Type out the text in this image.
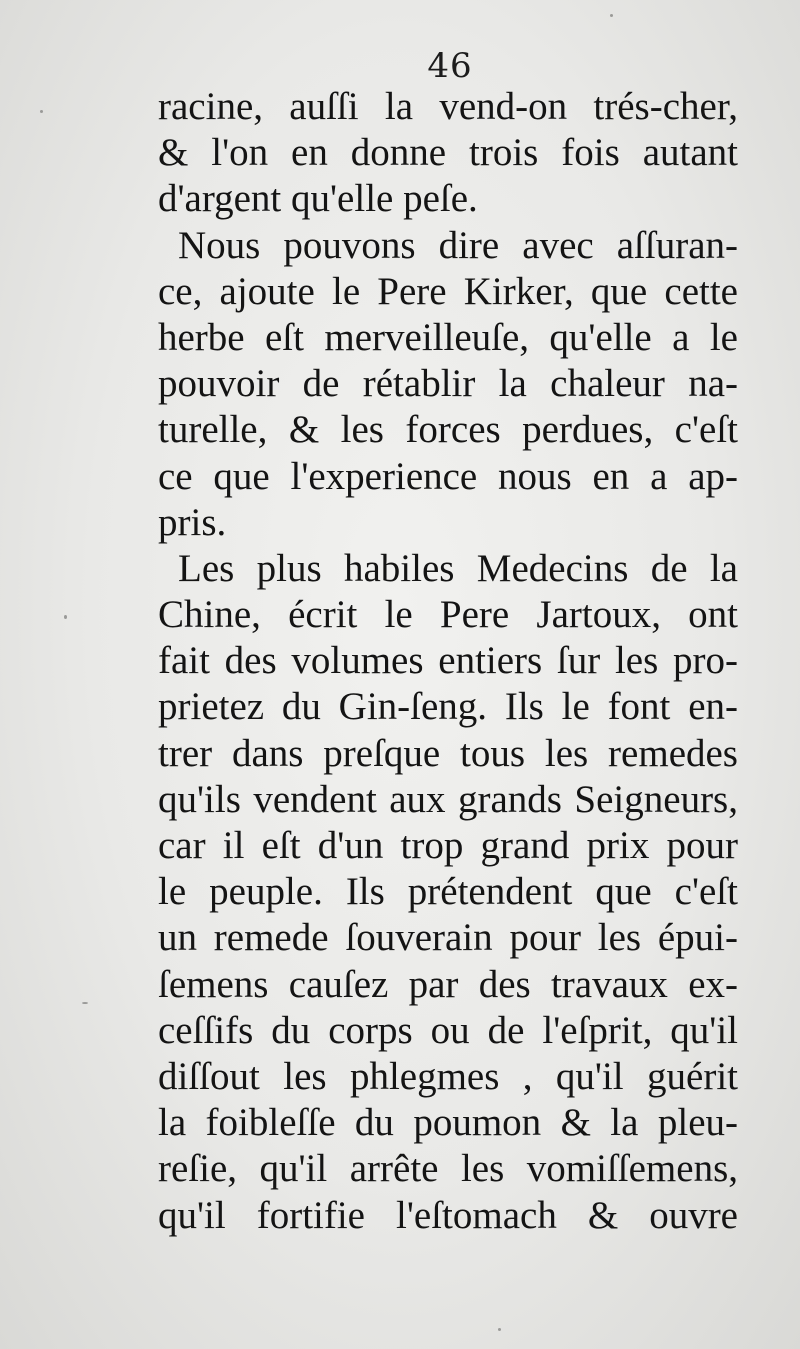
46
racine, auſſi la vend-on trés-cher,
& l'on en donne trois fois autant
d'argent qu'elle peſe.
Nous pouvons dire avec aſſuran-
ce, ajoute le Pere Kirker, que cette
herbe eſt merveilleuſe, qu'elle a le
pouvoir de rétablir la chaleur na-
turelle, & les forces perdues, c'eſt
ce que l'experience nous en a ap-
pris.
Les plus habiles Medecins de la
Chine, écrit le Pere Jartoux, ont
fait des volumes entiers ſur les pro-
prietez du Gin-ſeng. Ils le font en-
trer dans preſque tous les remedes
qu'ils vendent aux grands Seigneurs,
car il eſt d'un trop grand prix pour
le peuple. Ils prétendent que c'eſt
un remede ſouverain pour les épui-
ſemens cauſez par des travaux ex-
ceſſifs du corps ou de l'eſprit, qu'il
diſſout les phlegmes , qu'il guérit
la foibleſſe du poumon & la pleu-
reſie, qu'il arrête les vomiſſemens,
qu'il fortifie l'eſtomach & ouvre
